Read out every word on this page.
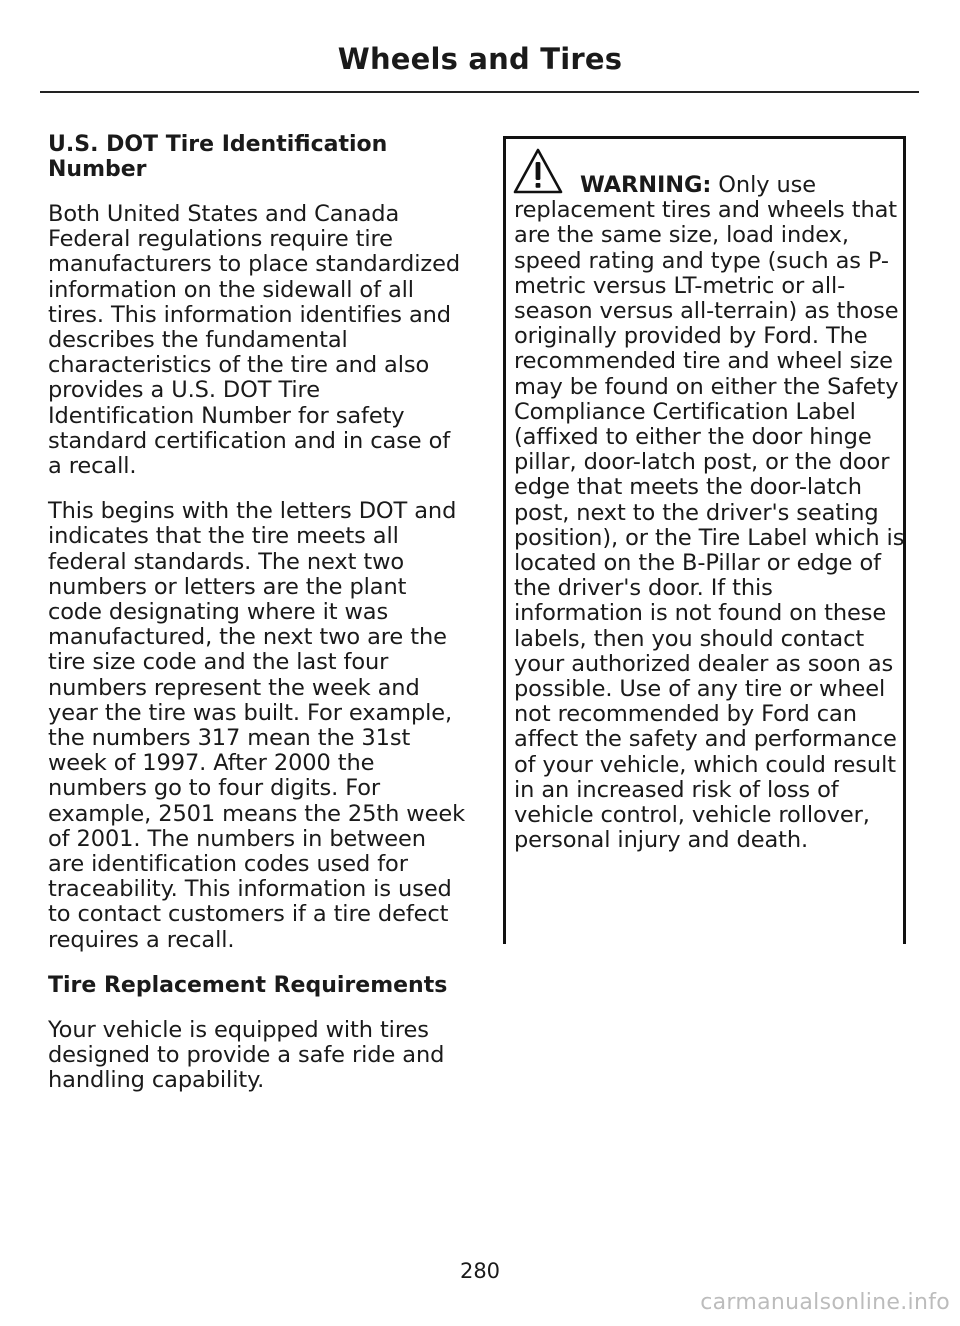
Wheels and Tires
U.S. DOT Tire Identification Number

Both United States and Canada Federal regulations require tire manufacturers to place standardized information on the sidewall of all tires. This information identifies and describes the fundamental characteristics of the tire and also provides a U.S. DOT Tire Identification Number for safety standard certification and in case of a recall.

This begins with the letters DOT and indicates that the tire meets all federal standards. The next two numbers or letters are the plant code designating where it was manufactured, the next two are the tire size code and the last four numbers represent the week and year the tire was built. For example, the numbers 317 mean the 31st week of 1997. After 2000 the numbers go to four digits. For example, 2501 means the 25th week of 2001. The numbers in between are identification codes used for traceability. This information is used to contact customers if a tire defect requires a recall.

Tire Replacement Requirements

Your vehicle is equipped with tires designed to provide a safe ride and handling capability.

WARNING: Only use replacement tires and wheels that are the same size, load index, speed rating and type (such as P-metric versus LT-metric or all-season versus all-terrain) as those originally provided by Ford. The recommended tire and wheel size may be found on either the Safety Compliance Certification Label (affixed to either the door hinge pillar, door-latch post, or the door edge that meets the door-latch post, next to the driver's seating position), or the Tire Label which is located on the B-Pillar or edge of the driver's door. If this information is not found on these labels, then you should contact your authorized dealer as soon as possible. Use of any tire or wheel not recommended by Ford can affect the safety and performance of your vehicle, which could result in an increased risk of loss of vehicle control, vehicle rollover, personal injury and death.
280
carmanualsonline.info
